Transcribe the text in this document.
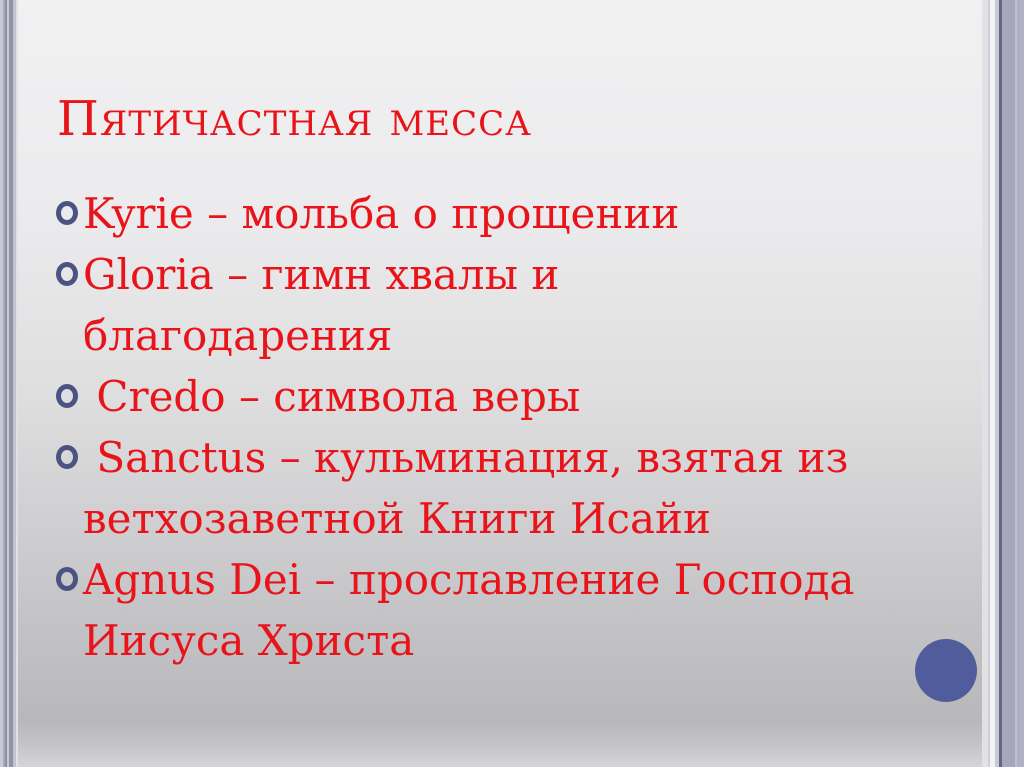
Пятичастная месса
Kyrie – мольба о прощении
Gloria – гимн хвалы и
благодарения
Credo – символа веры
Sanctus – кульминация, взятая из
ветхозаветной Книги Исайи
Agnus Dei – прославление Господа
Иисуса Христа
